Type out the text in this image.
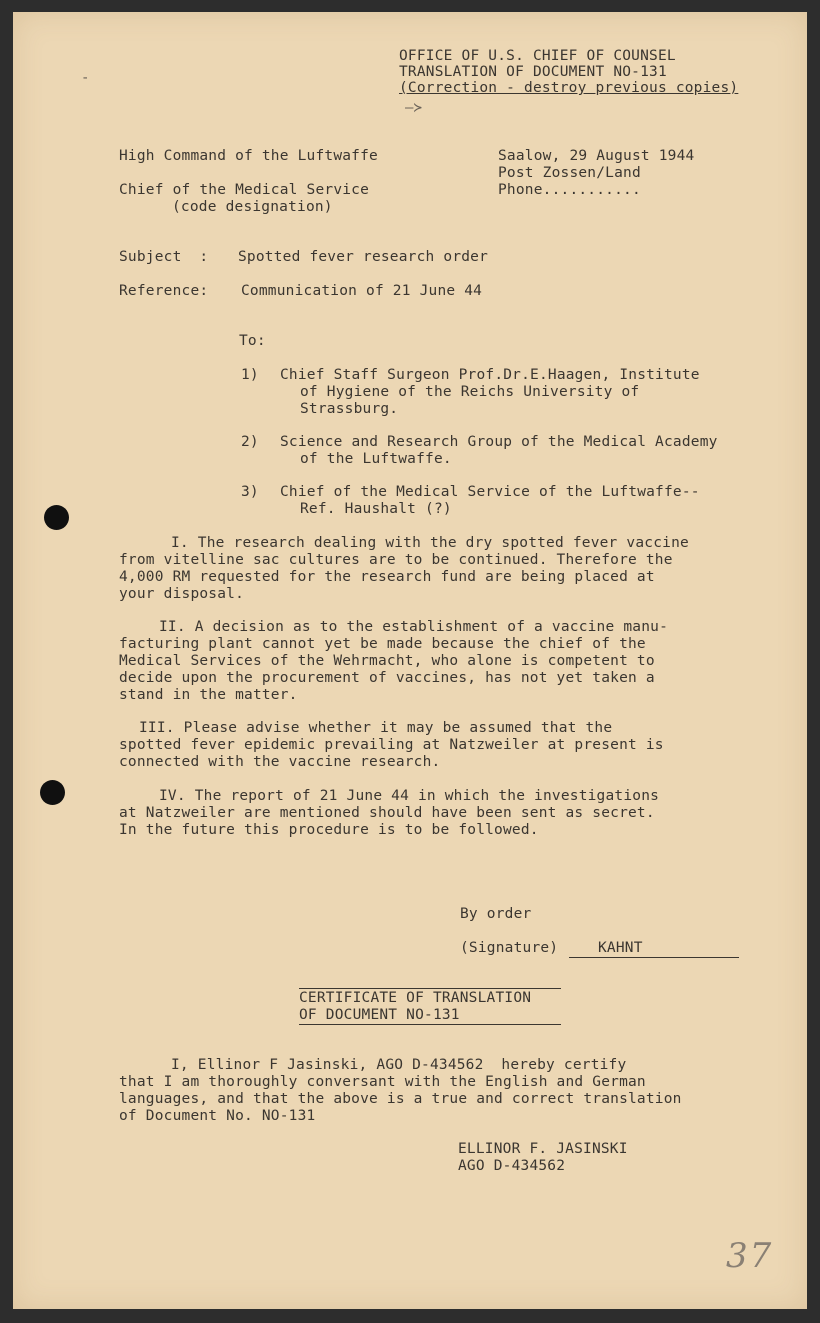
-
OFFICE OF U.S. CHIEF OF COUNSEL
TRANSLATION OF DOCUMENT NO-131
(Correction - destroy previous copies)
–≻
High Command of the Luftwaffe
Chief of the Medical Service
(code designation)
Saalow, 29 August 1944
Post Zossen/Land
Phone...........
Subject  : Spotted fever research order
Reference: Communication of 21 June 44
To:
1) Chief Staff Surgeon Prof.Dr.E.Haagen, Institute
of Hygiene of the Reichs University of
Strassburg.
2) Science and Research Group of the Medical Academy
of the Luftwaffe.
3) Chief of the Medical Service of the Luftwaffe--
Ref. Haushalt (?)
I. The research dealing with the dry spotted fever vaccine
from vitelline sac cultures are to be continued. Therefore the
4,000 RM requested for the research fund are being placed at
your disposal.
II. A decision as to the establishment of a vaccine manu-
facturing plant cannot yet be made because the chief of the
Medical Services of the Wehrmacht, who alone is competent to
decide upon the procurement of vaccines, has not yet taken a
stand in the matter.
III. Please advise whether it may be assumed that the
spotted fever epidemic prevailing at Natzweiler at present is
connected with the vaccine research.
IV. The report of 21 June 44 in which the investigations
at Natzweiler are mentioned should have been sent as secret.
In the future this procedure is to be followed.
By order
(Signature)	KAHNT
CERTIFICATE OF TRANSLATION
OF DOCUMENT NO-131
I, Ellinor F Jasinski, AGO D-434562  hereby certify
that I am thoroughly conversant with the English and German
languages, and that the above is a true and correct translation
of Document No. NO-131
ELLINOR F. JASINSKI
AGO D-434562
37
